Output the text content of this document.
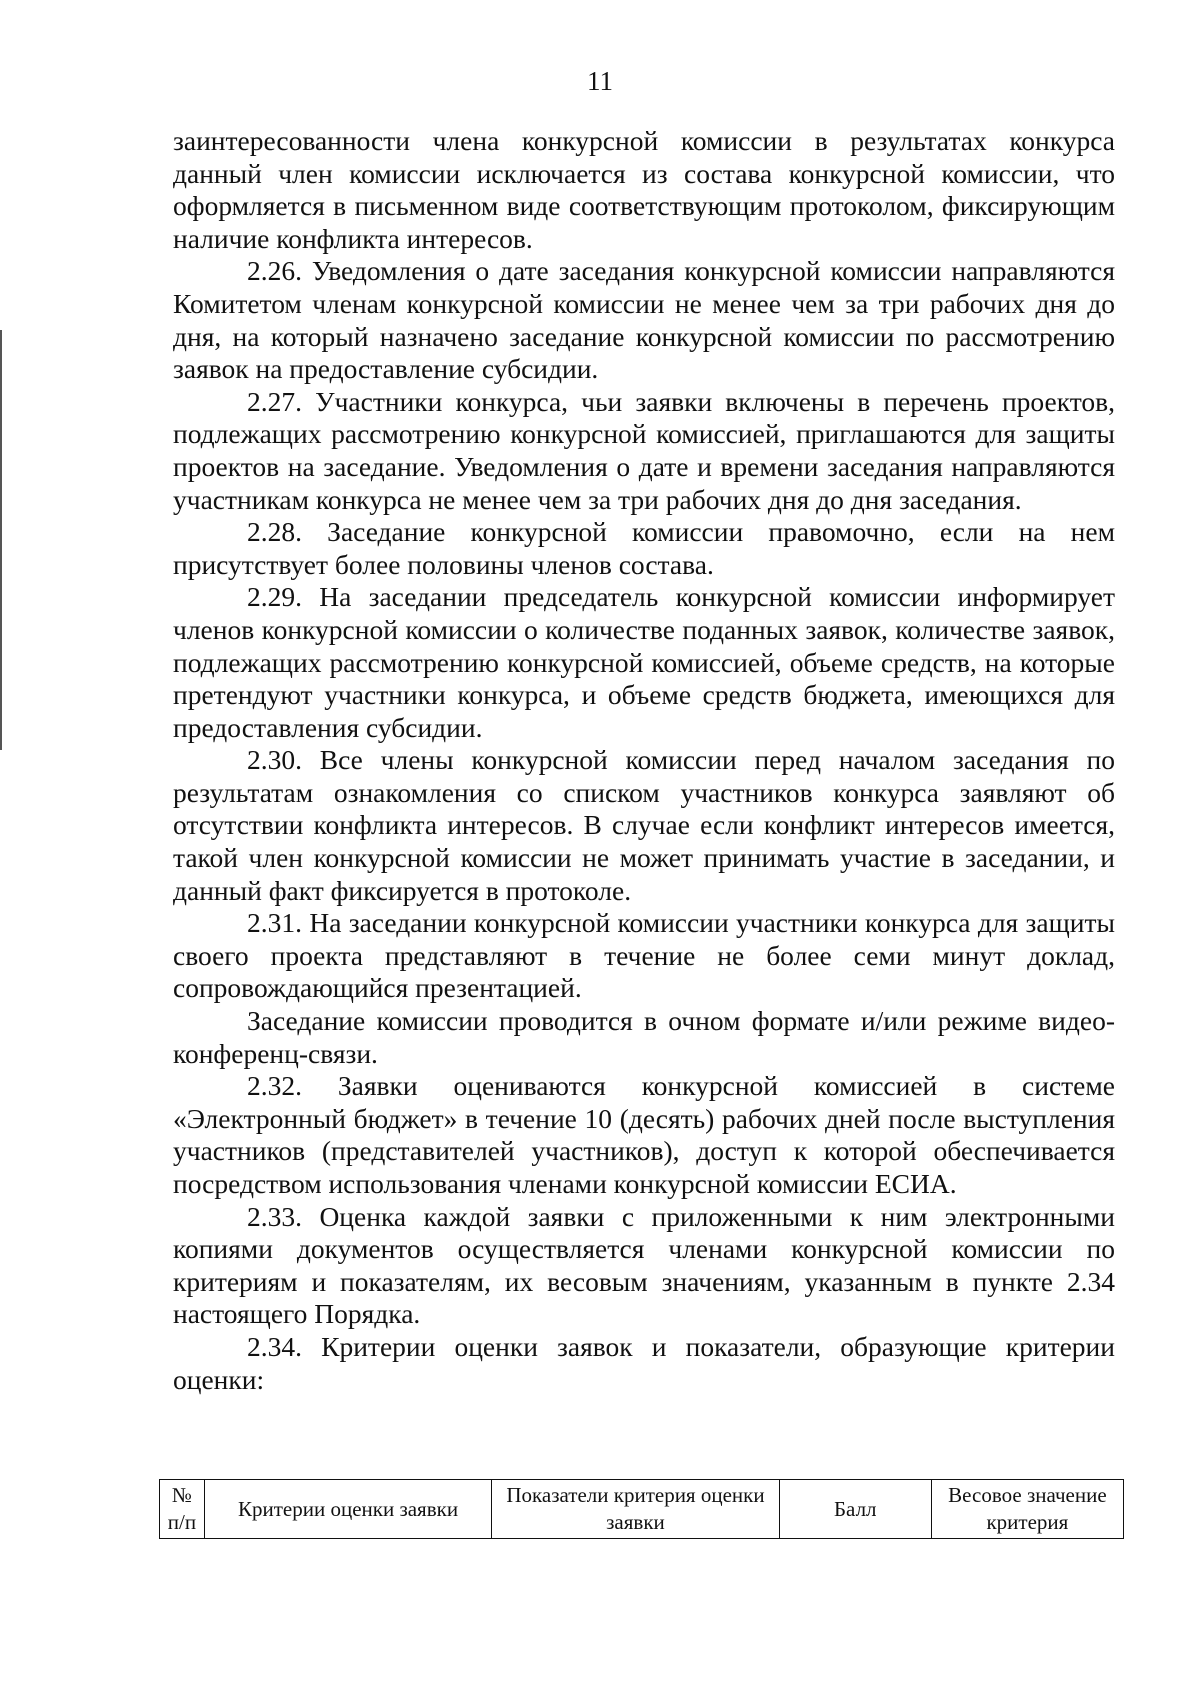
11

заинтересованности члена конкурсной комиссии в результатах конкурса данный член комиссии исключается из состава конкурсной комиссии, что оформляется в письменном виде соответствующим протоколом, фиксирующим наличие конфликта интересов.

2.26. Уведомления о дате заседания конкурсной комиссии направляются Комитетом членам конкурсной комиссии не менее чем за три рабочих дня до дня, на который назначено заседание конкурсной комиссии по рассмотрению заявок на предоставление субсидии.

2.27. Участники конкурса, чьи заявки включены в перечень проектов, подлежащих рассмотрению конкурсной комиссией, приглашаются для защиты проектов на заседание. Уведомления о дате и времени заседания направляются участникам конкурса не менее чем за три рабочих дня до дня заседания.

2.28. Заседание конкурсной комиссии правомочно, если на нем присутствует более половины членов состава.

2.29. На заседании председатель конкурсной комиссии информирует членов конкурсной комиссии о количестве поданных заявок, количестве заявок, подлежащих рассмотрению конкурсной комиссией, объеме средств, на которые претендуют участники конкурса, и объеме средств бюджета, имеющихся для предоставления субсидии.

2.30. Все члены конкурсной комиссии перед началом заседания по результатам ознакомления со списком участников конкурса заявляют об отсутствии конфликта интересов. В случае если конфликт интересов имеется, такой член конкурсной комиссии не может принимать участие в заседании, и данный факт фиксируется в протоколе.

2.31. На заседании конкурсной комиссии участники конкурса для защиты своего проекта представляют в течение не более семи минут доклад, сопровождающийся презентацией.

Заседание комиссии проводится в очном формате и/или режиме видео-конференц-связи.

2.32. Заявки оцениваются конкурсной комиссией в системе «Электронный бюджет» в течение 10 (десять) рабочих дней после выступления участников (представителей участников), доступ к которой обеспечивается посредством использования членами конкурсной комиссии ЕСИА.

2.33. Оценка каждой заявки с приложенными к ним электронными копиями документов осуществляется членами конкурсной комиссии по критериям и показателям, их весовым значениям, указанным в пункте 2.34 настоящего Порядка.

2.34. Критерии оценки заявок и показатели, образующие критерии оценки:

№ п/п	Критерии оценки заявки	Показатели критерия оценки заявки	Балл	Весовое значение критерия
